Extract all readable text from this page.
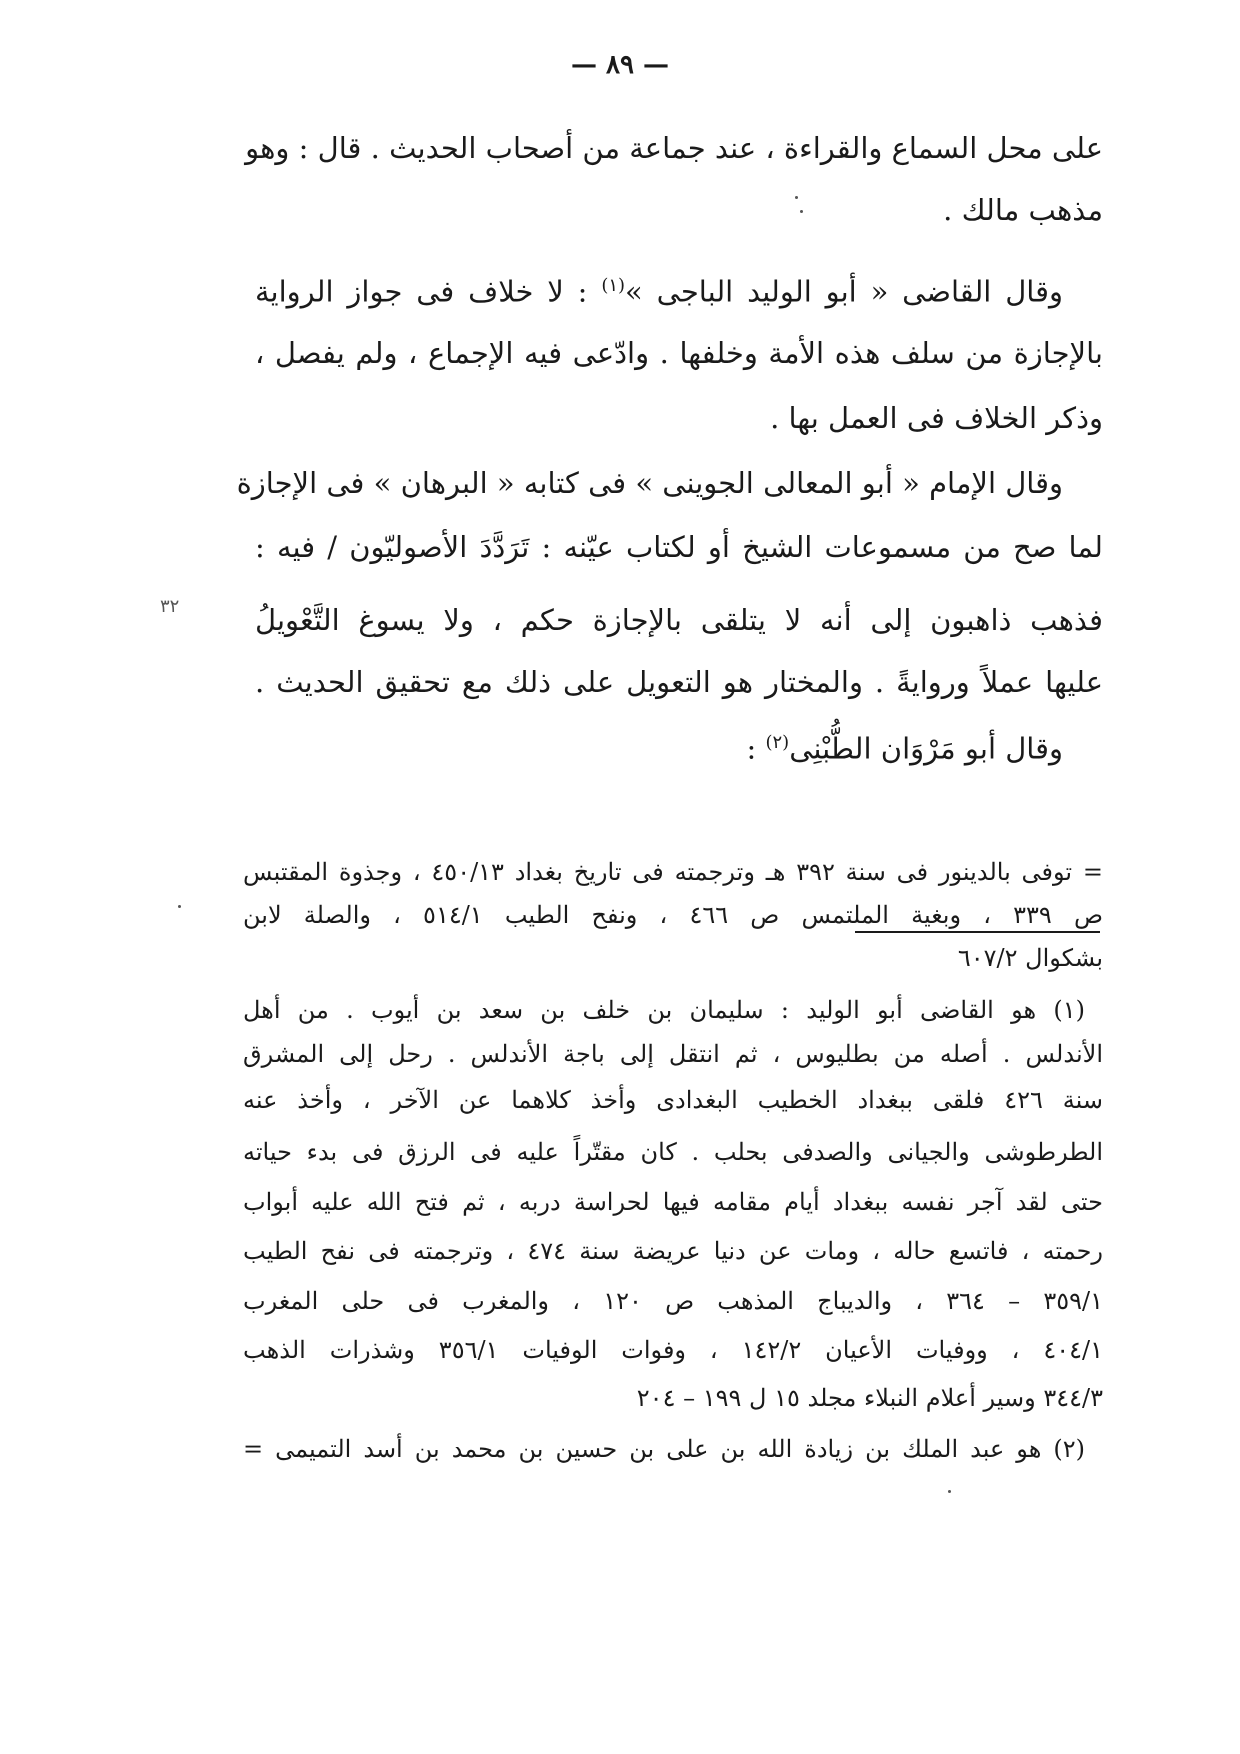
— ٨٩ —
٣٢
على محل السماع والقراءة ، عند جماعة من أصحاب الحديث . قال : وهو
مذهب مالك .
وقال القاضى « أبو الوليد الباجى »$^{(١)}$ : لا خلاف فى جواز الرواية
بالإجازة من سلف هذه الأمة وخلفها . وادّعى فيه الإجماع ، ولم يفصل ،
وذكر الخلاف فى العمل بها .
وقال الإمام « أبو المعالى الجوينى » فى كتابه « البرهان » فى الإجازة
لما صح من مسموعات الشيخ أو لكتاب عيّنه : تَرَدَّدَ الأصوليّون / فيه :
فذهب ذاهبون إلى أنه لا يتلقى بالإجازة حكم ، ولا يسوغ التَّعْويلُ
عليها عملاً وروايةً . والمختار هو التعويل على ذلك مع تحقيق الحديث .
وقال أبو مَرْوَان الطُّبْنِى$^{(٢)}$ :
= توفى بالدينور فى سنة ٣٩٢ هـ وترجمته فى تاريخ بغداد ٤٥٠/١٣ ، وجذوة المقتبس
ص ٣٣٩ ، وبغية الملتمس ص ٤٦٦ ، ونفح الطيب ٥١٤/١ ، والصلة لابن
بشكوال ٦٠٧/٢
(١) هو القاضى أبو الوليد : سليمان بن خلف بن سعد بن أيوب . من أهل
الأندلس . أصله من بطليوس ، ثم انتقل إلى باجة الأندلس . رحل إلى المشرق
سنة ٤٢٦ فلقى ببغداد الخطيب البغدادى وأخذ كلاهما عن الآخر ، وأخذ عنه
الطرطوشى والجيانى والصدفى بحلب . كان مقتّراً عليه فى الرزق فى بدء حياته
حتى لقد آجر نفسه ببغداد أيام مقامه فيها لحراسة دربه ، ثم فتح الله عليه أبواب
رحمته ، فاتسع حاله ، ومات عن دنيا عريضة سنة ٤٧٤ ، وترجمته فى نفح الطيب
٣٥٩/١ – ٣٦٤ ، والديباج المذهب ص ١٢٠ ، والمغرب فى حلى المغرب
٤٠٤/١ ، ووفيات الأعيان ١٤٢/٢ ، وفوات الوفيات ٣٥٦/١ وشذرات الذهب
٣٤٤/٣ وسير أعلام النبلاء مجلد ١٥ ل ١٩٩ – ٢٠٤
(٢) هو عبد الملك بن زيادة الله بن على بن حسين بن محمد بن أسد التميمى =
